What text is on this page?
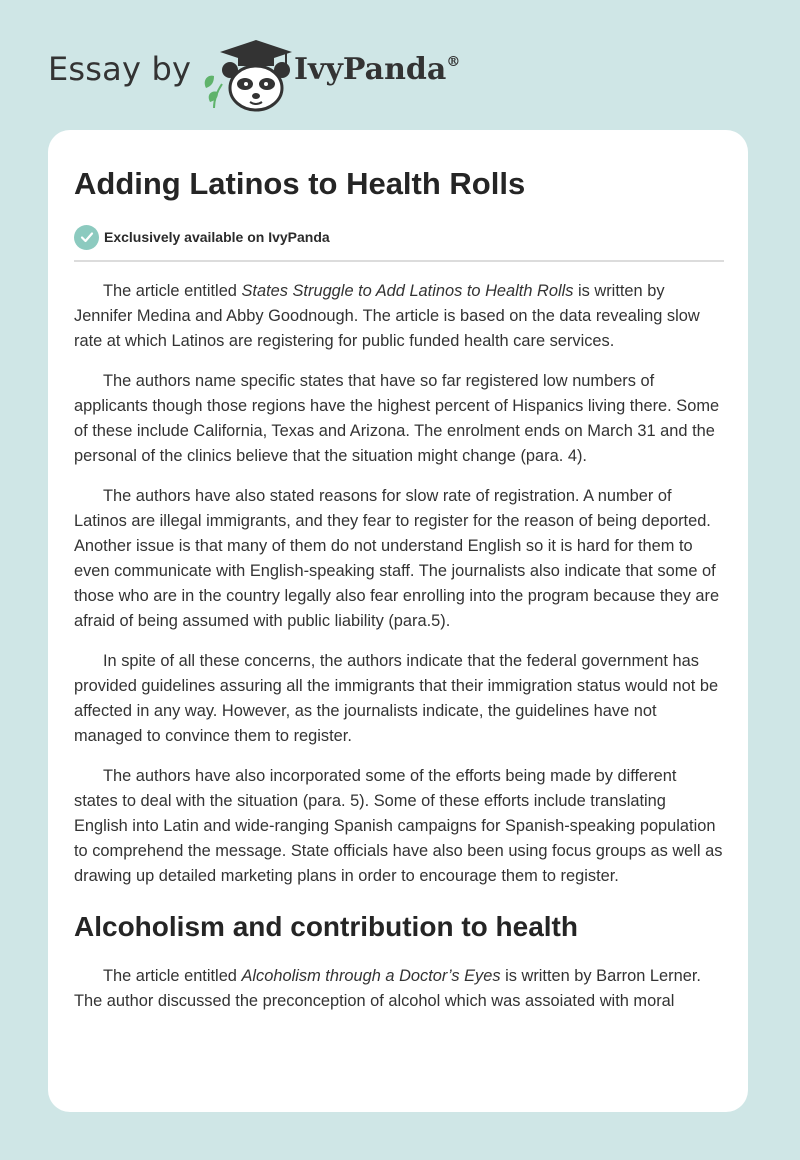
Essay by	IvyPanda®
Adding Latinos to Health Rolls
Exclusively available on IvyPanda

The article entitled States Struggle to Add Latinos to Health Rolls is written by Jennifer Medina and Abby Goodnough. The article is based on the data revealing slow rate at which Latinos are registering for public funded health care services.

The authors name specific states that have so far registered low numbers of applicants though those regions have the highest percent of Hispanics living there. Some of these include California, Texas and Arizona. The enrolment ends on March 31 and the personal of the clinics believe that the situation might change (para. 4).

The authors have also stated reasons for slow rate of registration. A number of Latinos are illegal immigrants, and they fear to register for the reason of being deported. Another issue is that many of them do not understand English so it is hard for them to even communicate with English-speaking staff. The journalists also indicate that some of those who are in the country legally also fear enrolling into the program because they are afraid of being assumed with public liability (para.5).

In spite of all these concerns, the authors indicate that the federal government has provided guidelines assuring all the immigrants that their immigration status would not be affected in any way. However, as the journalists indicate, the guidelines have not managed to convince them to register.

The authors have also incorporated some of the efforts being made by different states to deal with the situation (para. 5). Some of these efforts include translating English into Latin and wide-ranging Spanish campaigns for Spanish-speaking population to comprehend the message. State officials have also been using focus groups as well as drawing up detailed marketing plans in order to encourage them to register.

Alcoholism and contribution to health

The article entitled Alcoholism through a Doctor’s Eyes is written by Barron Lerner. The author discussed the preconception of alcohol which was assoiated with moral
